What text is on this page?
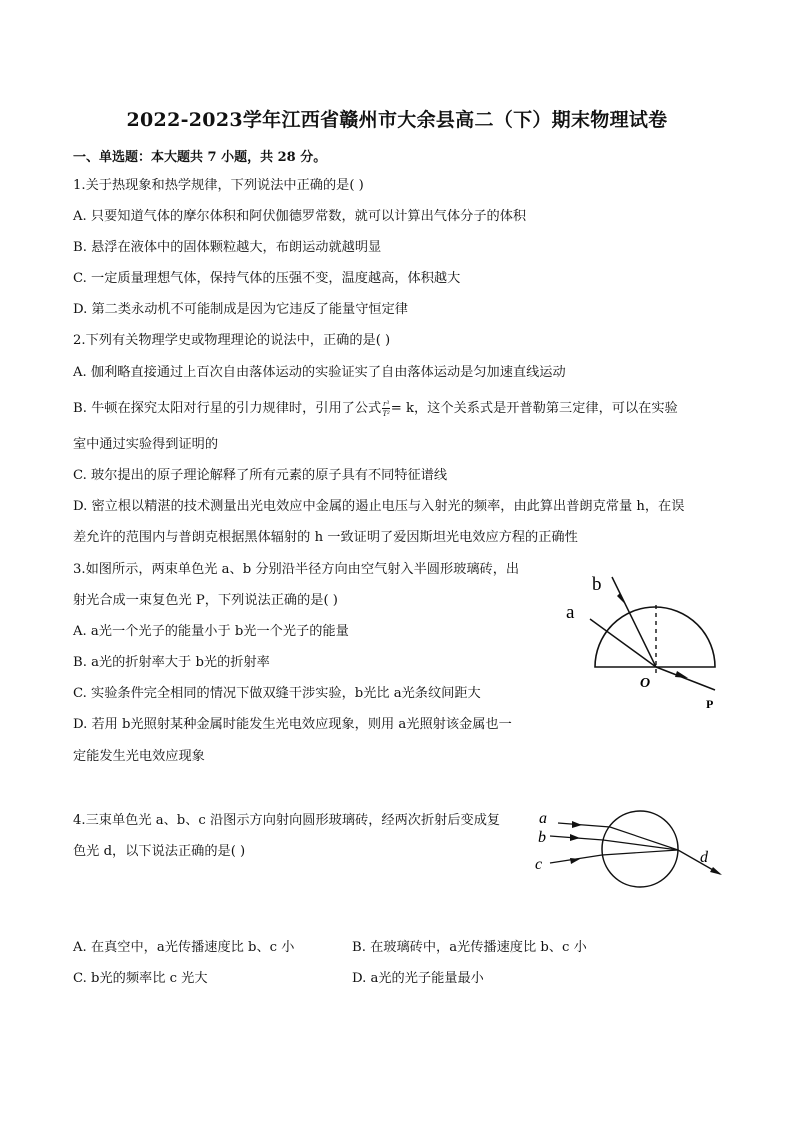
2022-2023学年江西省赣州市大余县高二（下）期末物理试卷
一、单选题：本大题共 7 小题，共 28 分。
1.关于热现象和热学规律，下列说法中正确的是( )
A. 只要知道气体的摩尔体积和阿伏伽德罗常数，就可以计算出气体分子的体积
B. 悬浮在液体中的固体颗粒越大，布朗运动就越明显
C. 一定质量理想气体，保持气体的压强不变，温度越高，体积越大
D. 第二类永动机不可能制成是因为它违反了能量守恒定律
2.下列有关物理学史或物理理论的说法中，正确的是( )
A. 伽利略直接通过上百次自由落体运动的实验证实了自由落体运动是匀加速直线运动
B. 牛顿在探究太阳对行星的引力规律时，引用了公式 $\frac{\text{r³}}{\text{T²}} = k$，这个关系式是开普勒第三定律，可以在实验
室中通过实验得到证明的
C. 玻尔提出的原子理论解释了所有元素的原子具有不同特征谱线
D. 密立根以精湛的技术测量出光电效应中金属的遏止电压与入射光的频率，由此算出普朗克常量 h，在误
差允许的范围内与普朗克根据黑体辐射的 h 一致证明了爱因斯坦光电效应方程的正确性
3.如图所示，两束单色光 a、b 分别沿半径方向由空气射入半圆形玻璃砖，出
射光合成一束复色光 P，下列说法正确的是( )
A. a光一个光子的能量小于 b光一个光子的能量
B. a光的折射率大于 b光的折射率
C. 实验条件完全相同的情况下做双缝干涉实验，b光比 a光条纹间距大
D. 若用 b光照射某种金属时能发生光电效应现象，则用 a光照射该金属也一
定能发生光电效应现象
a
b
O
P
4.三束单色光 a、b、c 沿图示方向射向圆形玻璃砖，经两次折射后变成复
色光 d，以下说法正确的是( )
a
b
c	d
A. 在真空中，a光传播速度比 b、c 小	B. 在玻璃砖中，a光传播速度比 b、c 小
C. b光的频率比 c 光大	D. a光的光子能量最小
